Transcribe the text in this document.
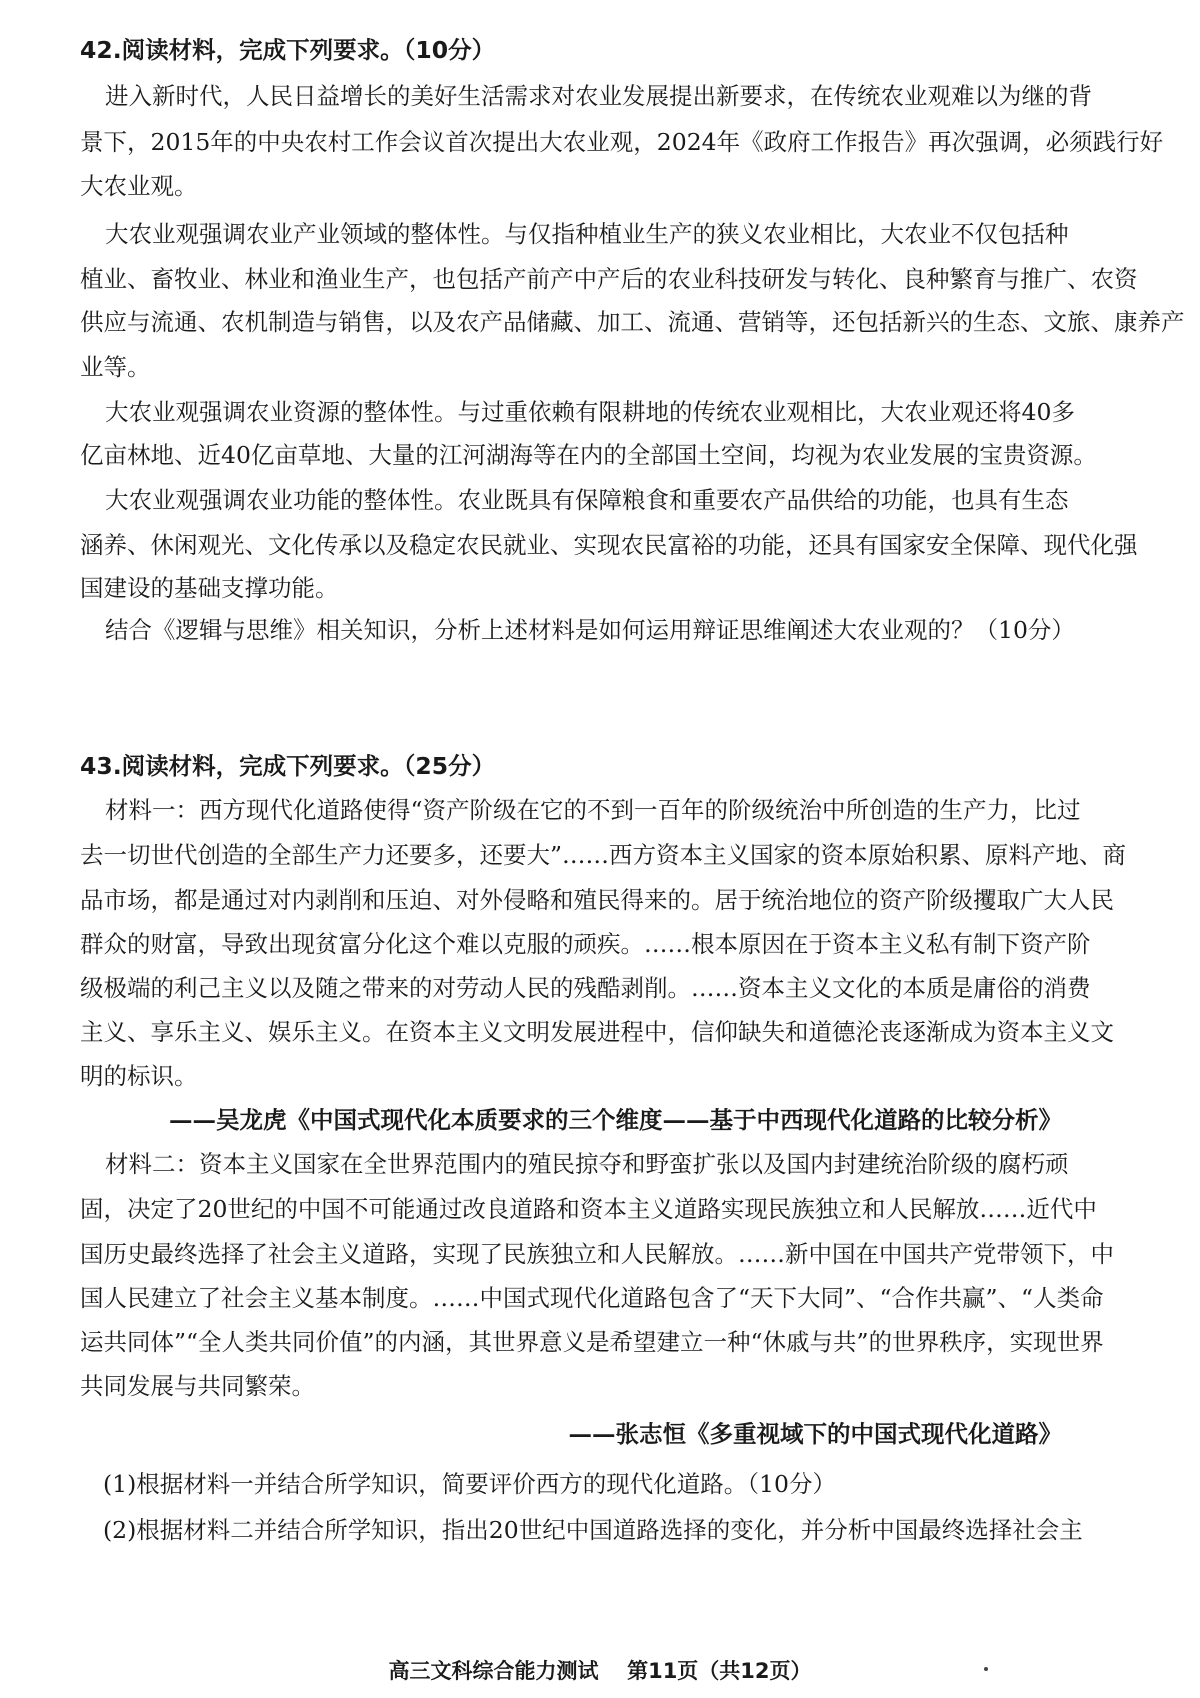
42.阅读材料，完成下列要求。（10分）
进入新时代，人民日益增长的美好生活需求对农业发展提出新要求，在传统农业观难以为继的背
景下，2015年的中央农村工作会议首次提出大农业观，2024年《政府工作报告》再次强调，必须践行好
大农业观。
大农业观强调农业产业领域的整体性。与仅指种植业生产的狭义农业相比，大农业不仅包括种
植业、畜牧业、林业和渔业生产，也包括产前产中产后的农业科技研发与转化、良种繁育与推广、农资
供应与流通、农机制造与销售，以及农产品储藏、加工、流通、营销等，还包括新兴的生态、文旅、康养产
业等。
大农业观强调农业资源的整体性。与过重依赖有限耕地的传统农业观相比，大农业观还将40多
亿亩林地、近40亿亩草地、大量的江河湖海等在内的全部国土空间，均视为农业发展的宝贵资源。
大农业观强调农业功能的整体性。农业既具有保障粮食和重要农产品供给的功能，也具有生态
涵养、休闲观光、文化传承以及稳定农民就业、实现农民富裕的功能，还具有国家安全保障、现代化强
国建设的基础支撑功能。
结合《逻辑与思维》相关知识，分析上述材料是如何运用辩证思维阐述大农业观的？（10分）
43.阅读材料，完成下列要求。（25分）
材料一：西方现代化道路使得“资产阶级在它的不到一百年的阶级统治中所创造的生产力，比过
去一切世代创造的全部生产力还要多，还要大”……西方资本主义国家的资本原始积累、原料产地、商
品市场，都是通过对内剥削和压迫、对外侵略和殖民得来的。居于统治地位的资产阶级攫取广大人民
群众的财富，导致出现贫富分化这个难以克服的顽疾。……根本原因在于资本主义私有制下资产阶
级极端的利己主义以及随之带来的对劳动人民的残酷剥削。……资本主义文化的本质是庸俗的消费
主义、享乐主义、娱乐主义。在资本主义文明发展进程中，信仰缺失和道德沦丧逐渐成为资本主义文
明的标识。
——吴龙虎《中国式现代化本质要求的三个维度——基于中西现代化道路的比较分析》
材料二：资本主义国家在全世界范围内的殖民掠夺和野蛮扩张以及国内封建统治阶级的腐朽顽
固，决定了20世纪的中国不可能通过改良道路和资本主义道路实现民族独立和人民解放……近代中
国历史最终选择了社会主义道路，实现了民族独立和人民解放。……新中国在中国共产党带领下，中
国人民建立了社会主义基本制度。……中国式现代化道路包含了“天下大同”、“合作共赢”、“人类命
运共同体”“全人类共同价值”的内涵，其世界意义是希望建立一种“休戚与共”的世界秩序，实现世界
共同发展与共同繁荣。
——张志恒《多重视域下的中国式现代化道路》
(1)根据材料一并结合所学知识，简要评价西方的现代化道路。（10分）
(2)根据材料二并结合所学知识，指出20世纪中国道路选择的变化，并分析中国最终选择社会主
高三文科综合能力测试 第11页（共12页）
